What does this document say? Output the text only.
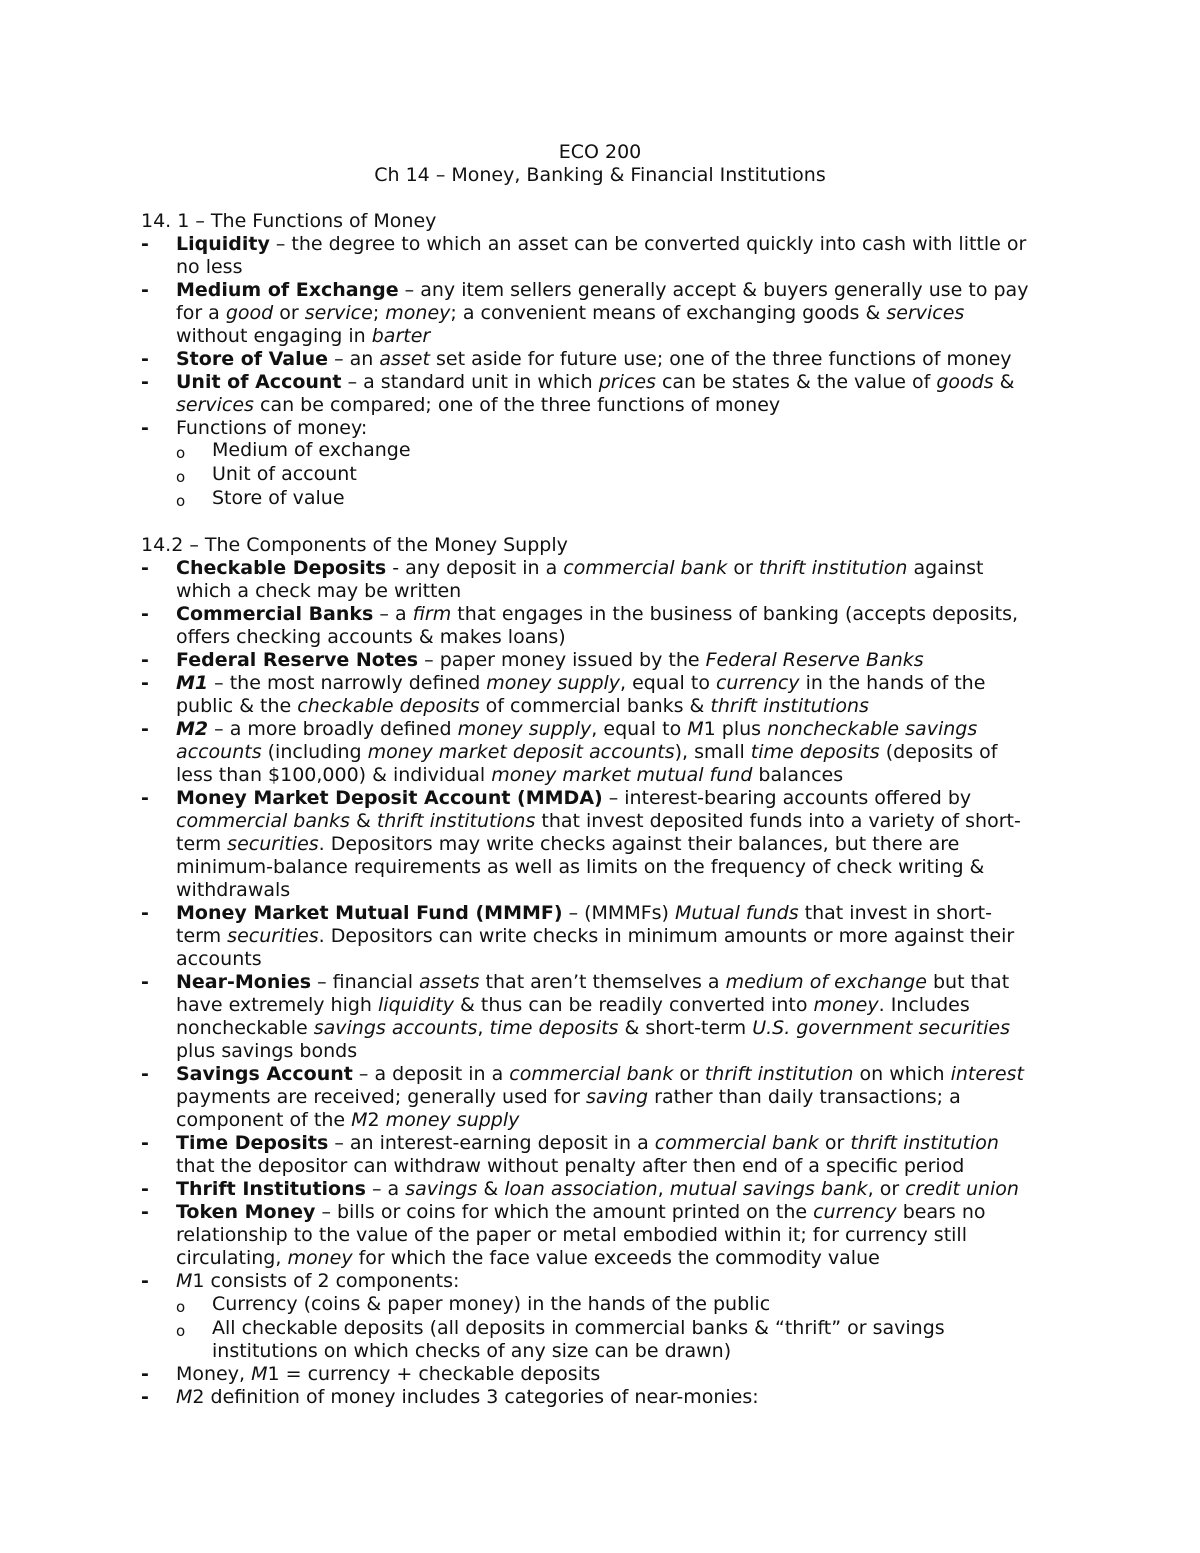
ECO 200
Ch 14 – Money, Banking & Financial Institutions
14. 1 – The Functions of Money
- Liquidity – the degree to which an asset can be converted quickly into cash with little or
no less
- Medium of Exchange – any item sellers generally accept & buyers generally use to pay
for a good or service; money; a convenient means of exchanging goods & services
without engaging in barter
- Store of Value – an asset set aside for future use; one of the three functions of money
- Unit of Account – a standard unit in which prices can be states & the value of goods &
services can be compared; one of the three functions of money
- Functions of money:
o Medium of exchange
o Unit of account
o Store of value
14.2 – The Components of the Money Supply
- Checkable Deposits - any deposit in a commercial bank or thrift institution against
which a check may be written
- Commercial Banks – a firm that engages in the business of banking (accepts deposits,
offers checking accounts & makes loans)
- Federal Reserve Notes – paper money issued by the Federal Reserve Banks
- M1 – the most narrowly defined money supply, equal to currency in the hands of the
public & the checkable deposits of commercial banks & thrift institutions
- M2 – a more broadly defined money supply, equal to M1 plus noncheckable savings
accounts (including money market deposit accounts), small time deposits (deposits of
less than $100,000) & individual money market mutual fund balances
- Money Market Deposit Account (MMDA) – interest-bearing accounts offered by
commercial banks & thrift institutions that invest deposited funds into a variety of short-
term securities. Depositors may write checks against their balances, but there are
minimum-balance requirements as well as limits on the frequency of check writing &
withdrawals
- Money Market Mutual Fund (MMMF) – (MMMFs) Mutual funds that invest in short-
term securities. Depositors can write checks in minimum amounts or more against their
accounts
- Near-Monies – financial assets that aren’t themselves a medium of exchange but that
have extremely high liquidity & thus can be readily converted into money. Includes
noncheckable savings accounts, time deposits & short-term U.S. government securities
plus savings bonds
- Savings Account – a deposit in a commercial bank or thrift institution on which interest
payments are received; generally used for saving rather than daily transactions; a
component of the M2 money supply
- Time Deposits – an interest-earning deposit in a commercial bank or thrift institution
that the depositor can withdraw without penalty after then end of a specific period
- Thrift Institutions – a savings & loan association, mutual savings bank, or credit union
- Token Money – bills or coins for which the amount printed on the currency bears no
relationship to the value of the paper or metal embodied within it; for currency still
circulating, money for which the face value exceeds the commodity value
- M1 consists of 2 components:
o Currency (coins & paper money) in the hands of the public
o All checkable deposits (all deposits in commercial banks & “thrift” or savings
institutions on which checks of any size can be drawn)
- Money, M1 = currency + checkable deposits
- M2 definition of money includes 3 categories of near-monies:
